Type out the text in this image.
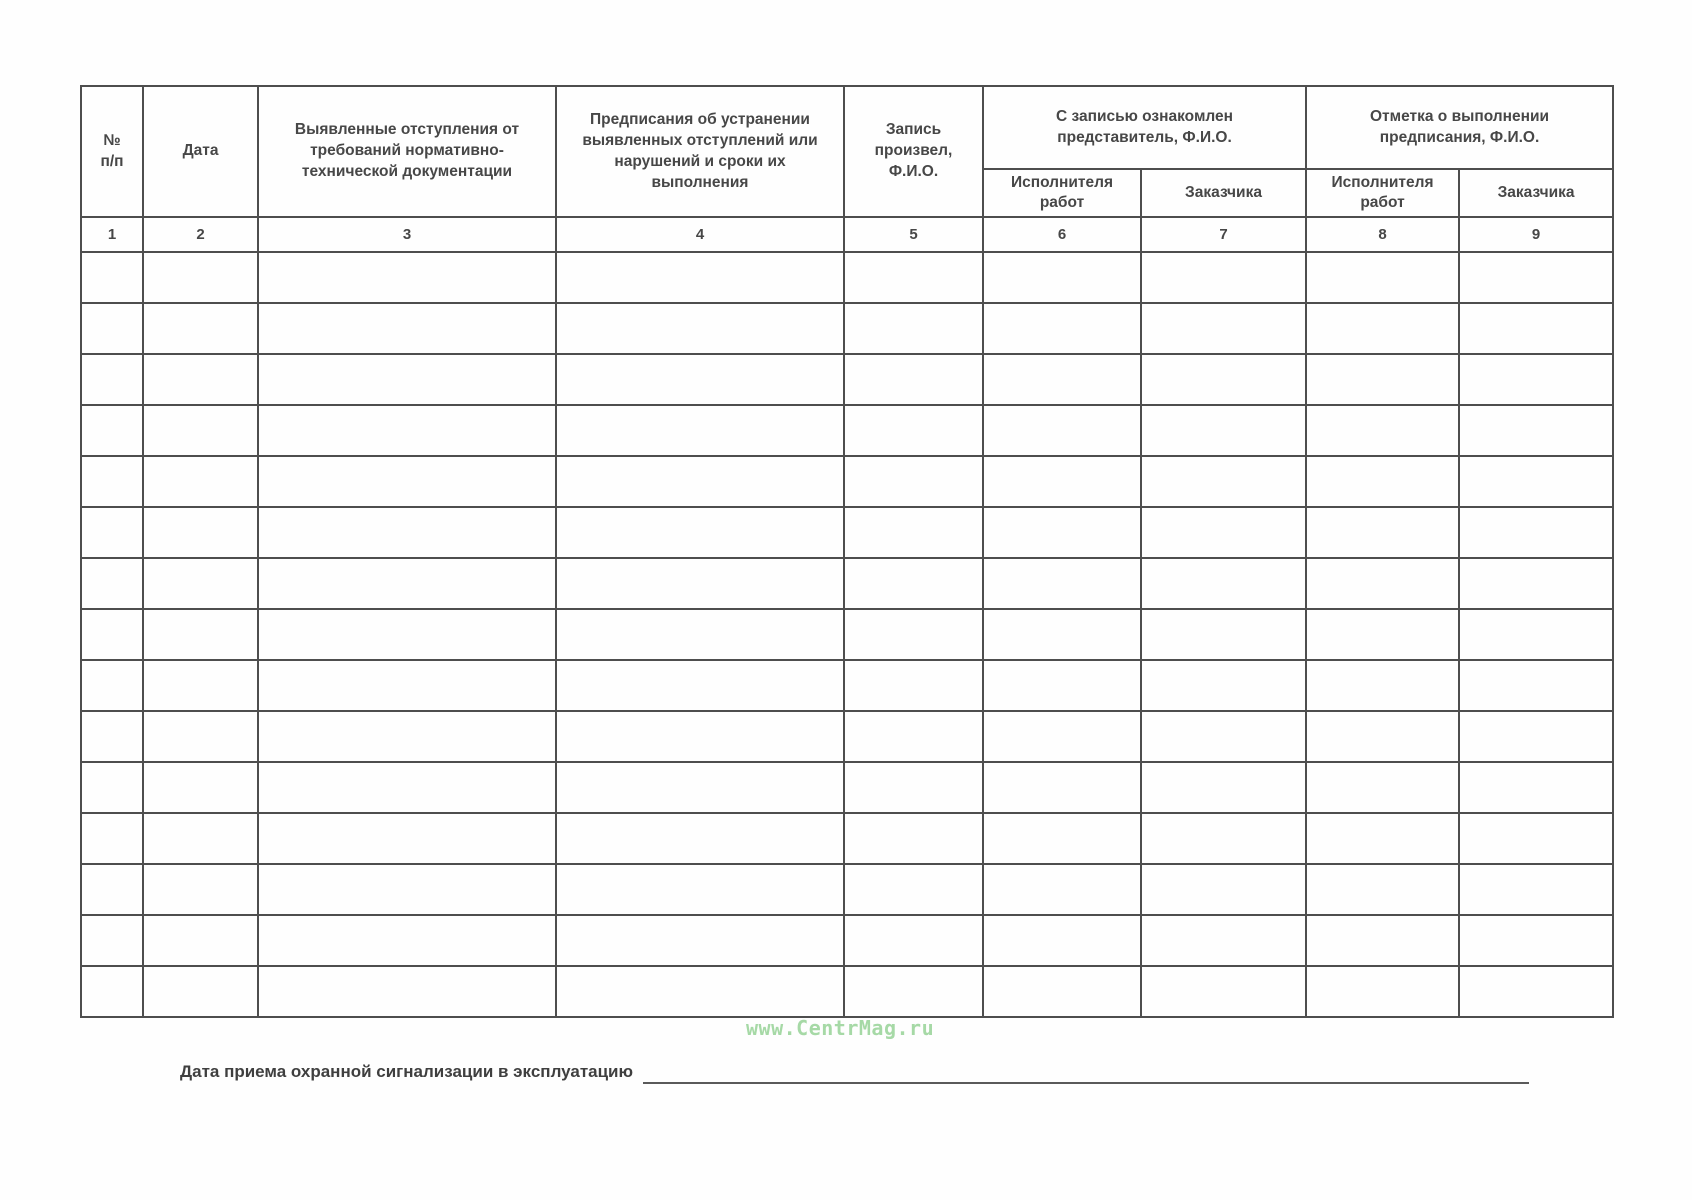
№
п/п	Дата	Выявленные отступления от требований нормативно-технической документации	Предписания об устранении выявленных отступлений или нарушений и сроки их выполнения	Запись произвел, Ф.И.О.	С записью ознакомлен представитель, Ф.И.О.		Отметка о выполнении предписания, Ф.И.О.	
					Исполнителя работ	Заказчика	Исполнителя работ	Заказчика
1	2	3	4	5	6	7	8	9

www.CentrMag.ru
Дата приема охранной сигнализации в эксплуатацию
